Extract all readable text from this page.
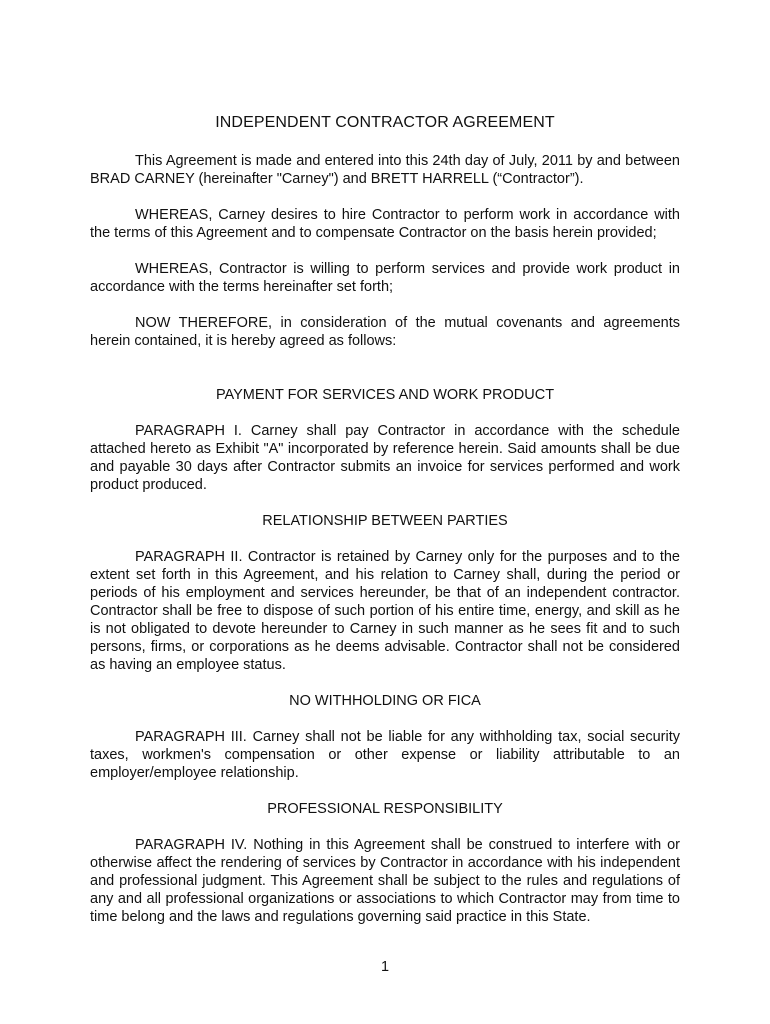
INDEPENDENT CONTRACTOR AGREEMENT

This Agreement is made and entered into this 24th day of July, 2011 by and between BRAD CARNEY (hereinafter "Carney") and BRETT HARRELL (“Contractor”).

WHEREAS, Carney desires to hire Contractor to perform work in accordance with the terms of this Agreement and to compensate Contractor on the basis herein provided;

WHEREAS, Contractor is willing to perform services and provide work product in accordance with the terms hereinafter set forth;

NOW THEREFORE, in consideration of the mutual covenants and agreements herein contained, it is hereby agreed as follows:

PAYMENT FOR SERVICES AND WORK PRODUCT

PARAGRAPH I. Carney shall pay Contractor in accordance with the schedule attached hereto as Exhibit "A" incorporated by reference herein. Said amounts shall be due and payable 30 days after Contractor submits an invoice for services performed and work product produced.

RELATIONSHIP BETWEEN PARTIES

PARAGRAPH II. Contractor is retained by Carney only for the purposes and to the extent set forth in this Agreement, and his relation to Carney shall, during the period or periods of his employment and services hereunder, be that of an independent contractor. Contractor shall be free to dispose of such portion of his entire time, energy, and skill as he is not obligated to devote hereunder to Carney in such manner as he sees fit and to such persons, firms, or corporations as he deems advisable. Contractor shall not be considered as having an employee status.

NO WITHHOLDING OR FICA

PARAGRAPH III. Carney shall not be liable for any withholding tax, social security taxes, workmen's compensation or other expense or liability attributable to an employer/employee relationship.

PROFESSIONAL RESPONSIBILITY

PARAGRAPH IV. Nothing in this Agreement shall be construed to interfere with or otherwise affect the rendering of services by Contractor in accordance with his independent and professional judgment. This Agreement shall be subject to the rules and regulations of any and all professional organizations or associations to which Contractor may from time to time belong and the laws and regulations governing said practice in this State.

1
